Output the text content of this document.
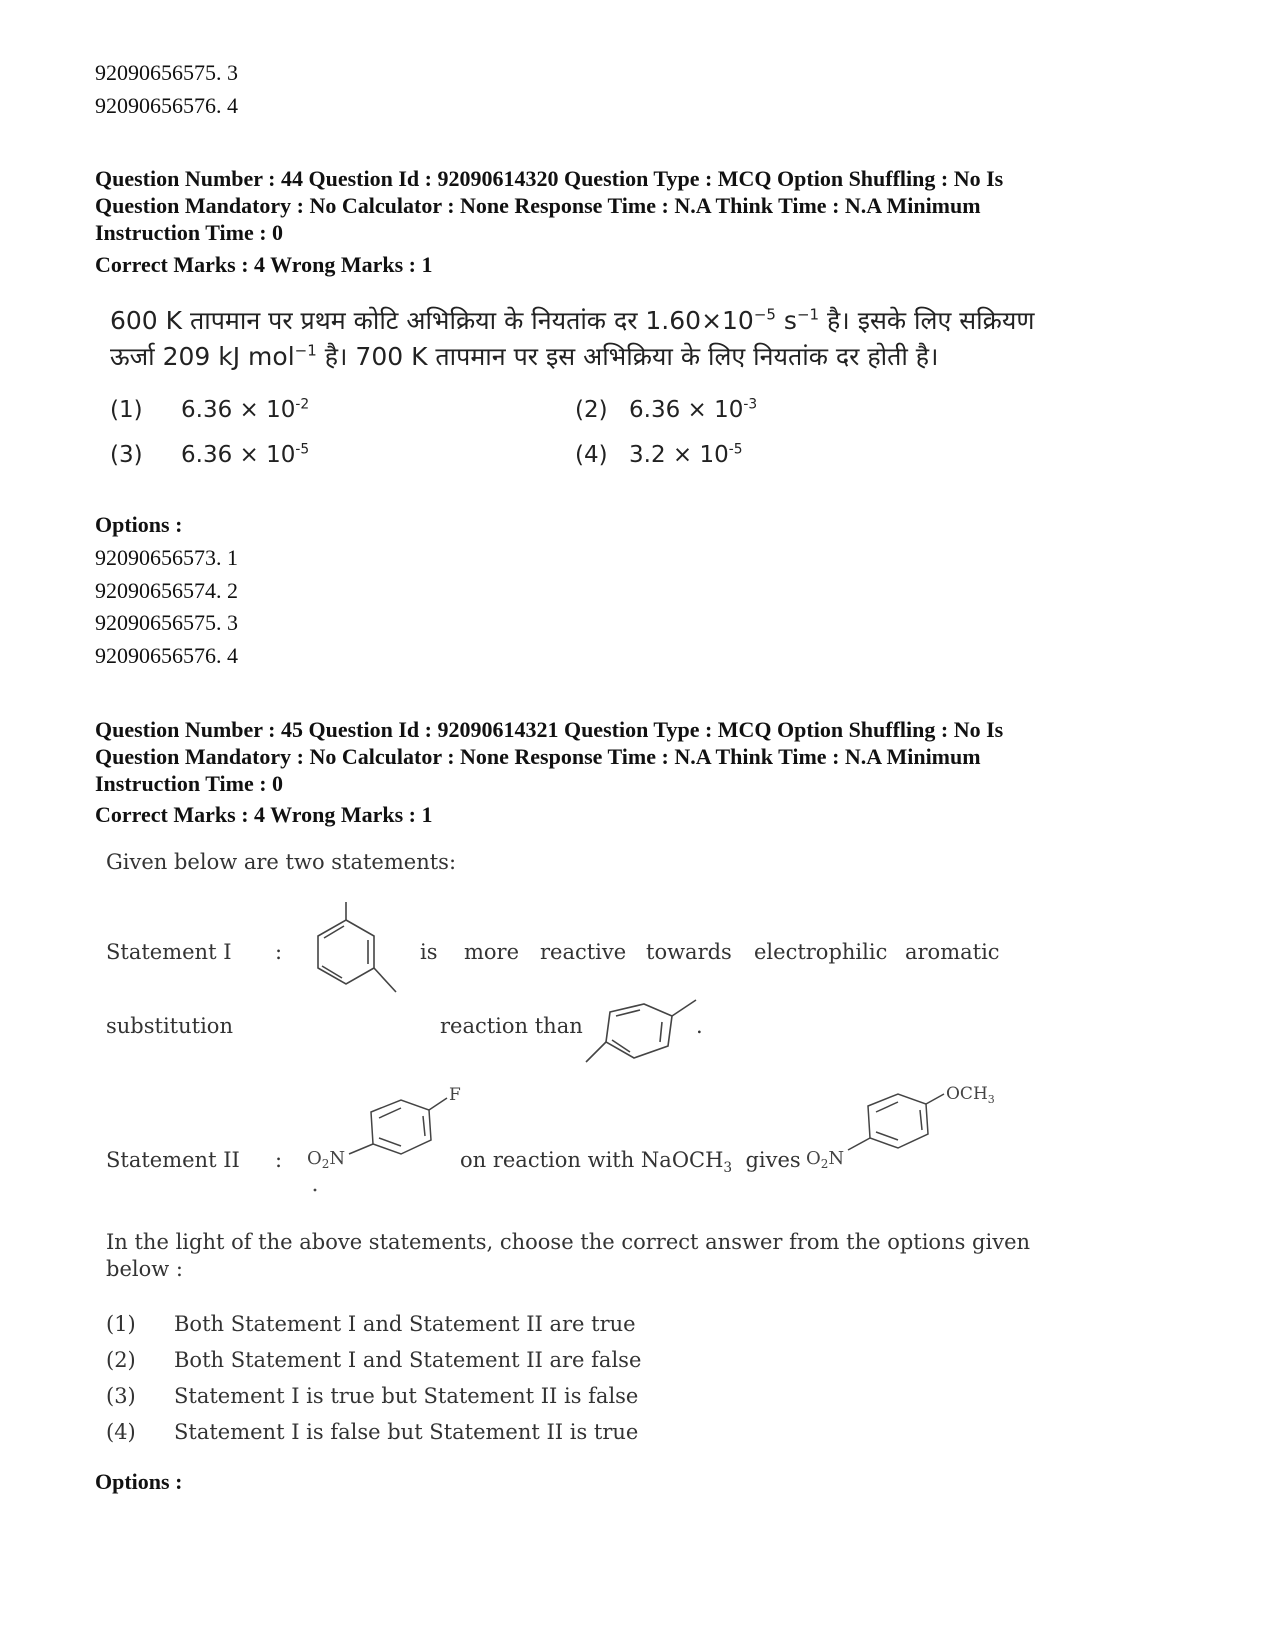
92090656575. 3
92090656576. 4
Question Number : 44 Question Id : 92090614320 Question Type : MCQ Option Shuffling : No Is
Question Mandatory : No Calculator : None Response Time : N.A Think Time : N.A Minimum
Instruction Time : 0
Correct Marks : 4 Wrong Marks : 1
600 K तापमान पर प्रथम कोटि अभिक्रिया के नियतांक दर $1.60\times 10^{-5}$ $s^{-1}$ है। इसके लिए सक्रियण
ऊर्जा 209 kJ mol$^{-1}$ है। 700 K तापमान पर इस अभिक्रिया के लिए नियतांक दर होती है।
(1) $6.36 \times 10^{-2}$	(2) $6.36 \times 10^{-3}$
(3) $6.36 \times 10^{-5}$	(4) $3.2 \times 10^{-5}$
Options :
92090656573. 1
92090656574. 2
92090656575. 3
92090656576. 4
Question Number : 45 Question Id : 92090614321 Question Type : MCQ Option Shuffling : No Is
Question Mandatory : No Calculator : None Response Time : N.A Think Time : N.A Minimum
Instruction Time : 0
Correct Marks : 4 Wrong Marks : 1
Given below are two statements:
Statement I :	is more reactive towards electrophilic aromatic
substitution	reaction than	.
Statement II :
F
$O_2N$	on reaction with NaOCH$_3$  gives
$OCH_3$
$O_2N$
In the light of the above statements, choose the correct answer from the options given
below :
(1) Both Statement I and Statement II are true
(2) Both Statement I and Statement II are false
(3) Statement I is true but Statement II is false
(4) Statement I is false but Statement II is true
Options :
